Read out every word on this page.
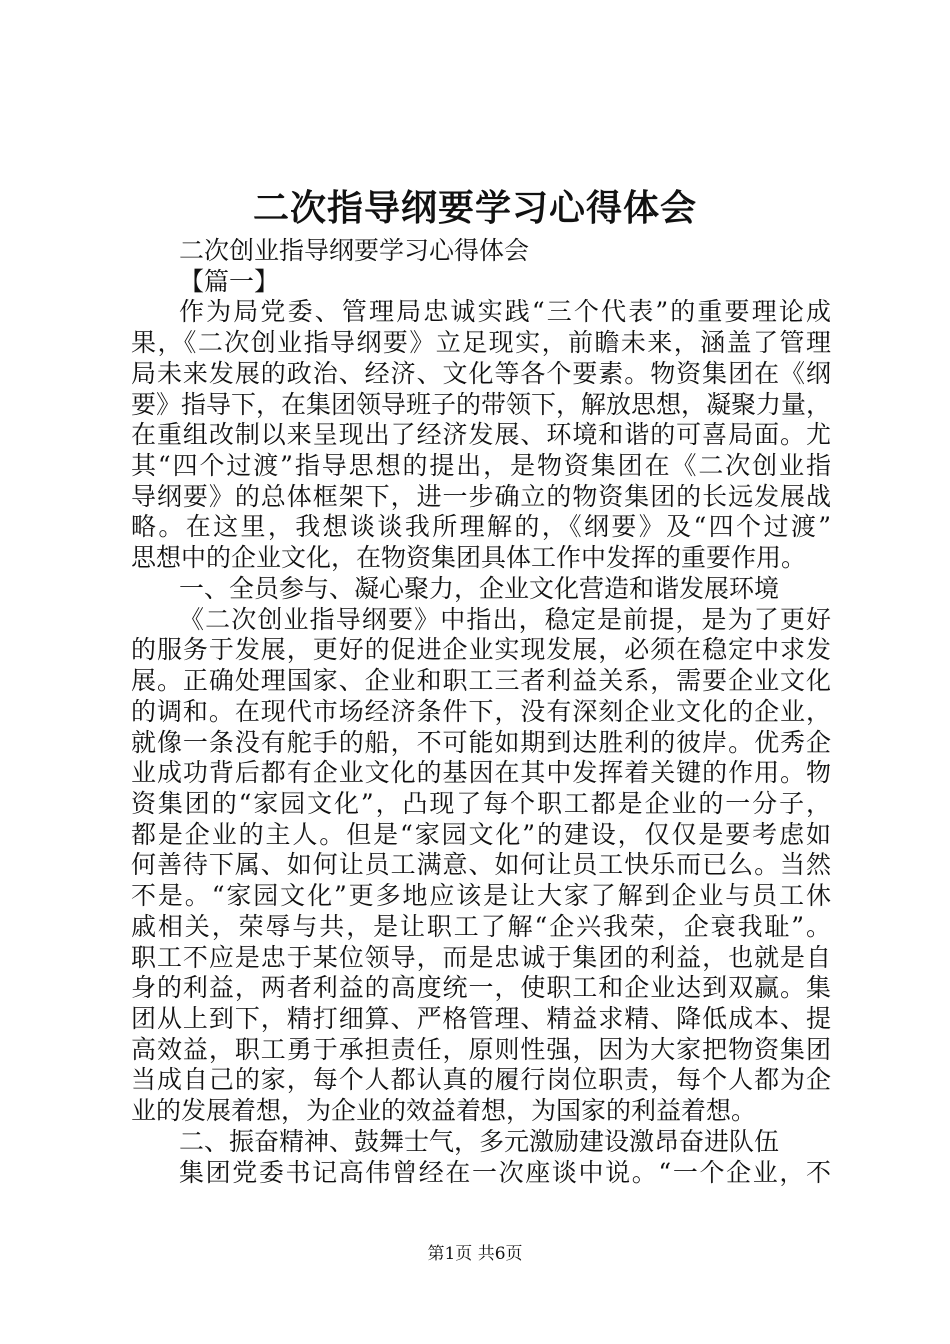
二次指导纲要学习心得体会
二次创业指导纲要学习心得体会
【篇一】
作为局党委、管理局忠诚实践“三个代表”的重要理论成
果，《二次创业指导纲要》立足现实，前瞻未来，涵盖了管理
局未来发展的政治、经济、文化等各个要素。物资集团在《纲
要》指导下，在集团领导班子的带领下，解放思想，凝聚力量，
在重组改制以来呈现出了经济发展、环境和谐的可喜局面。尤
其“四个过渡”指导思想的提出，是物资集团在《二次创业指
导纲要》的总体框架下，进一步确立的物资集团的长远发展战
略。在这里，我想谈谈我所理解的，《纲要》及“四个过渡”
思想中的企业文化，在物资集团具体工作中发挥的重要作用。
一、全员参与、凝心聚力，企业文化营造和谐发展环境
《二次创业指导纲要》中指出，稳定是前提，是为了更好
的服务于发展，更好的促进企业实现发展，必须在稳定中求发
展。正确处理国家、企业和职工三者利益关系，需要企业文化
的调和。在现代市场经济条件下，没有深刻企业文化的企业，
就像一条没有舵手的船，不可能如期到达胜利的彼岸。优秀企
业成功背后都有企业文化的基因在其中发挥着关键的作用。物
资集团的“家园文化”，凸现了每个职工都是企业的一分子，
都是企业的主人。但是“家园文化”的建设，仅仅是要考虑如
何善待下属、如何让员工满意、如何让员工快乐而已么。当然
不是。“家园文化”更多地应该是让大家了解到企业与员工休
戚相关，荣辱与共，是让职工了解“企兴我荣，企衰我耻”。
职工不应是忠于某位领导，而是忠诚于集团的利益，也就是自
身的利益，两者利益的高度统一，使职工和企业达到双赢。集
团从上到下，精打细算、严格管理、精益求精、降低成本、提
高效益，职工勇于承担责任，原则性强，因为大家把物资集团
当成自己的家，每个人都认真的履行岗位职责，每个人都为企
业的发展着想，为企业的效益着想，为国家的利益着想。
二、振奋精神、鼓舞士气，多元激励建设激昂奋进队伍
集团党委书记高伟曾经在一次座谈中说。“一个企业，不
第1页 共6页
